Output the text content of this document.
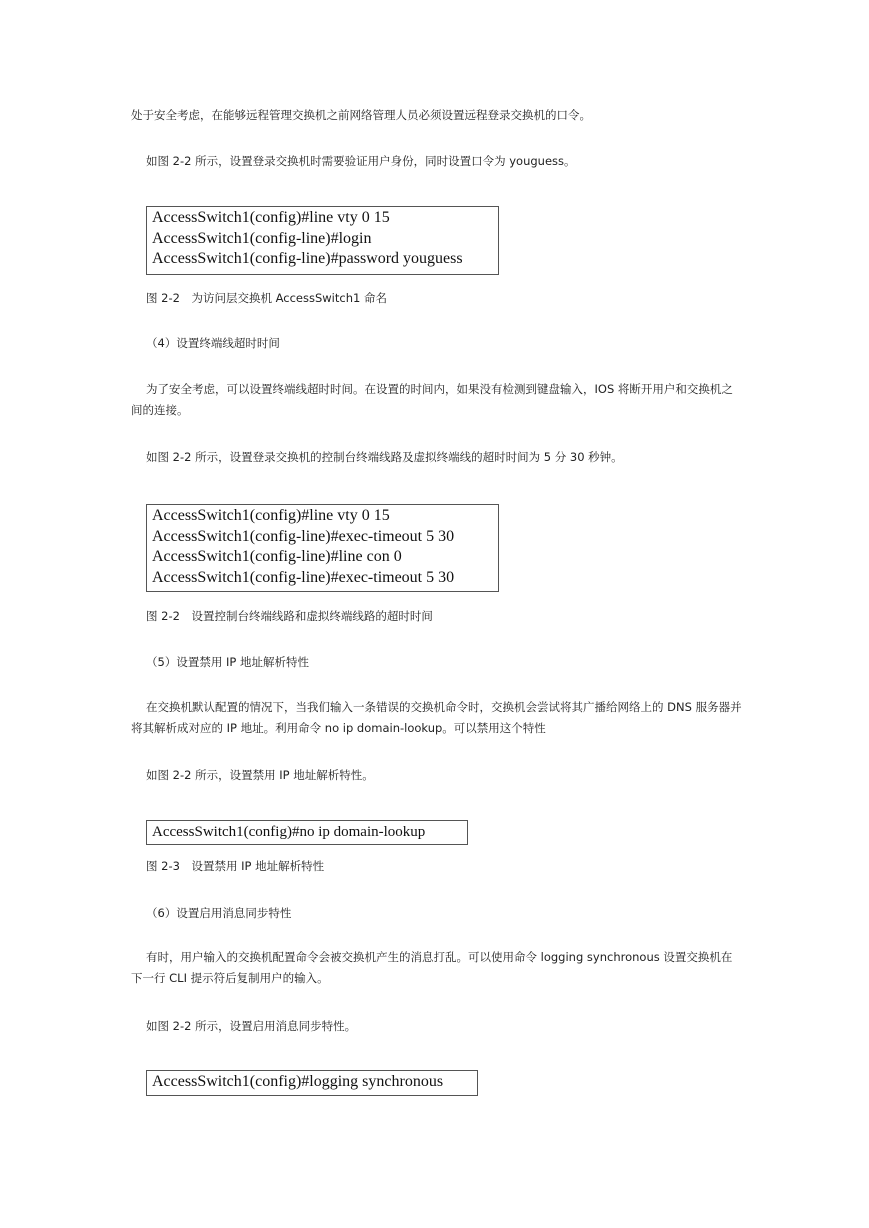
处于安全考虑，在能够远程管理交换机之前网络管理人员必须设置远程登录交换机的口令。

如图 2-2 所示，设置登录交换机时需要验证用户身份，同时设置口令为 youguess。

AccessSwitch1(config)#line vty 0 15
AccessSwitch1(config-line)#login
AccessSwitch1(config-line)#password youguess

图 2-2　为访问层交换机 AccessSwitch1 命名

（4）设置终端线超时时间

为了安全考虑，可以设置终端线超时时间。在设置的时间内，如果没有检测到键盘输入，IOS 将断开用户和交换机之间的连接。

如图 2-2 所示，设置登录交换机的控制台终端线路及虚拟终端线的超时时间为 5 分 30 秒钟。

AccessSwitch1(config)#line vty 0 15
AccessSwitch1(config-line)#exec-timeout 5 30
AccessSwitch1(config-line)#line con 0
AccessSwitch1(config-line)#exec-timeout 5 30

图 2-2　设置控制台终端线路和虚拟终端线路的超时时间

（5）设置禁用 IP 地址解析特性

在交换机默认配置的情况下，当我们输入一条错误的交换机命令时，交换机会尝试将其广播给网络上的 DNS 服务器并将其解析成对应的 IP 地址。利用命令 no ip domain-lookup。可以禁用这个特性

如图 2-2 所示，设置禁用 IP 地址解析特性。

AccessSwitch1(config)#no ip domain-lookup

图 2-3　设置禁用 IP 地址解析特性

（6）设置启用消息同步特性

有时，用户输入的交换机配置命令会被交换机产生的消息打乱。可以使用命令 logging synchronous 设置交换机在下一行 CLI 提示符后复制用户的输入。

如图 2-2 所示，设置启用消息同步特性。

AccessSwitch1(config)#logging synchronous
